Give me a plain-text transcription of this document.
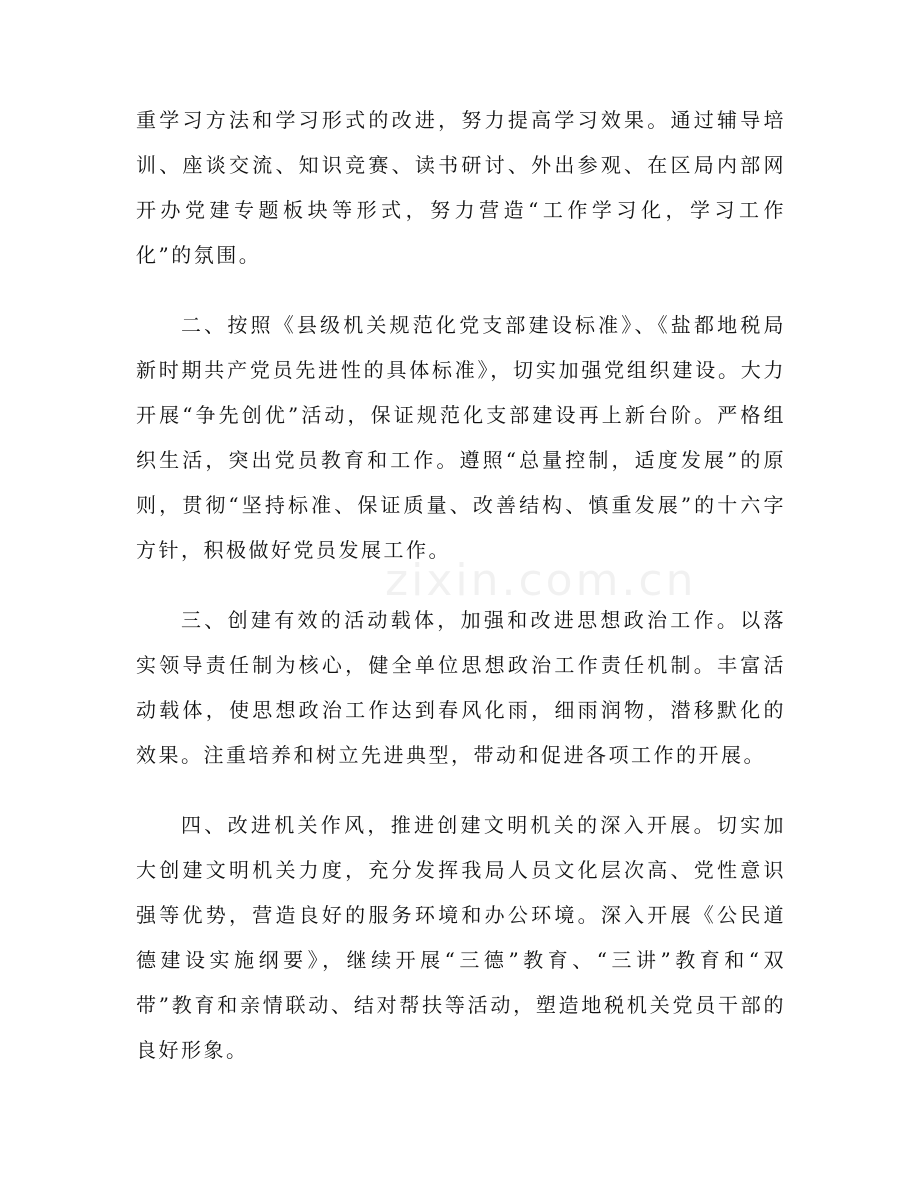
zixin.com.cn

重学习方法和学习形式的改进，努力提高学习效果。通过辅导培训、座谈交流、知识竞赛、读书研讨、外出参观、在区局内部网开办党建专题板块等形式，努力营造“工作学习化，学习工作化”的氛围。

二、按照《县级机关规范化党支部建设标准》、《盐都地税局新时期共产党员先进性的具体标准》，切实加强党组织建设。大力开展“争先创优”活动，保证规范化支部建设再上新台阶。严格组织生活，突出党员教育和工作。遵照“总量控制，适度发展”的原则，贯彻“坚持标准、保证质量、改善结构、慎重发展”的十六字方针，积极做好党员发展工作。

三、创建有效的活动载体，加强和改进思想政治工作。以落实领导责任制为核心，健全单位思想政治工作责任机制。丰富活动载体，使思想政治工作达到春风化雨，细雨润物，潜移默化的效果。注重培养和树立先进典型，带动和促进各项工作的开展。

四、改进机关作风，推进创建文明机关的深入开展。切实加大创建文明机关力度，充分发挥我局人员文化层次高、党性意识强等优势，营造良好的服务环境和办公环境。深入开展《公民道德建设实施纲要》，继续开展“三德”教育、“三讲”教育和“双带”教育和亲情联动、结对帮扶等活动，塑造地税机关党员干部的良好形象。
